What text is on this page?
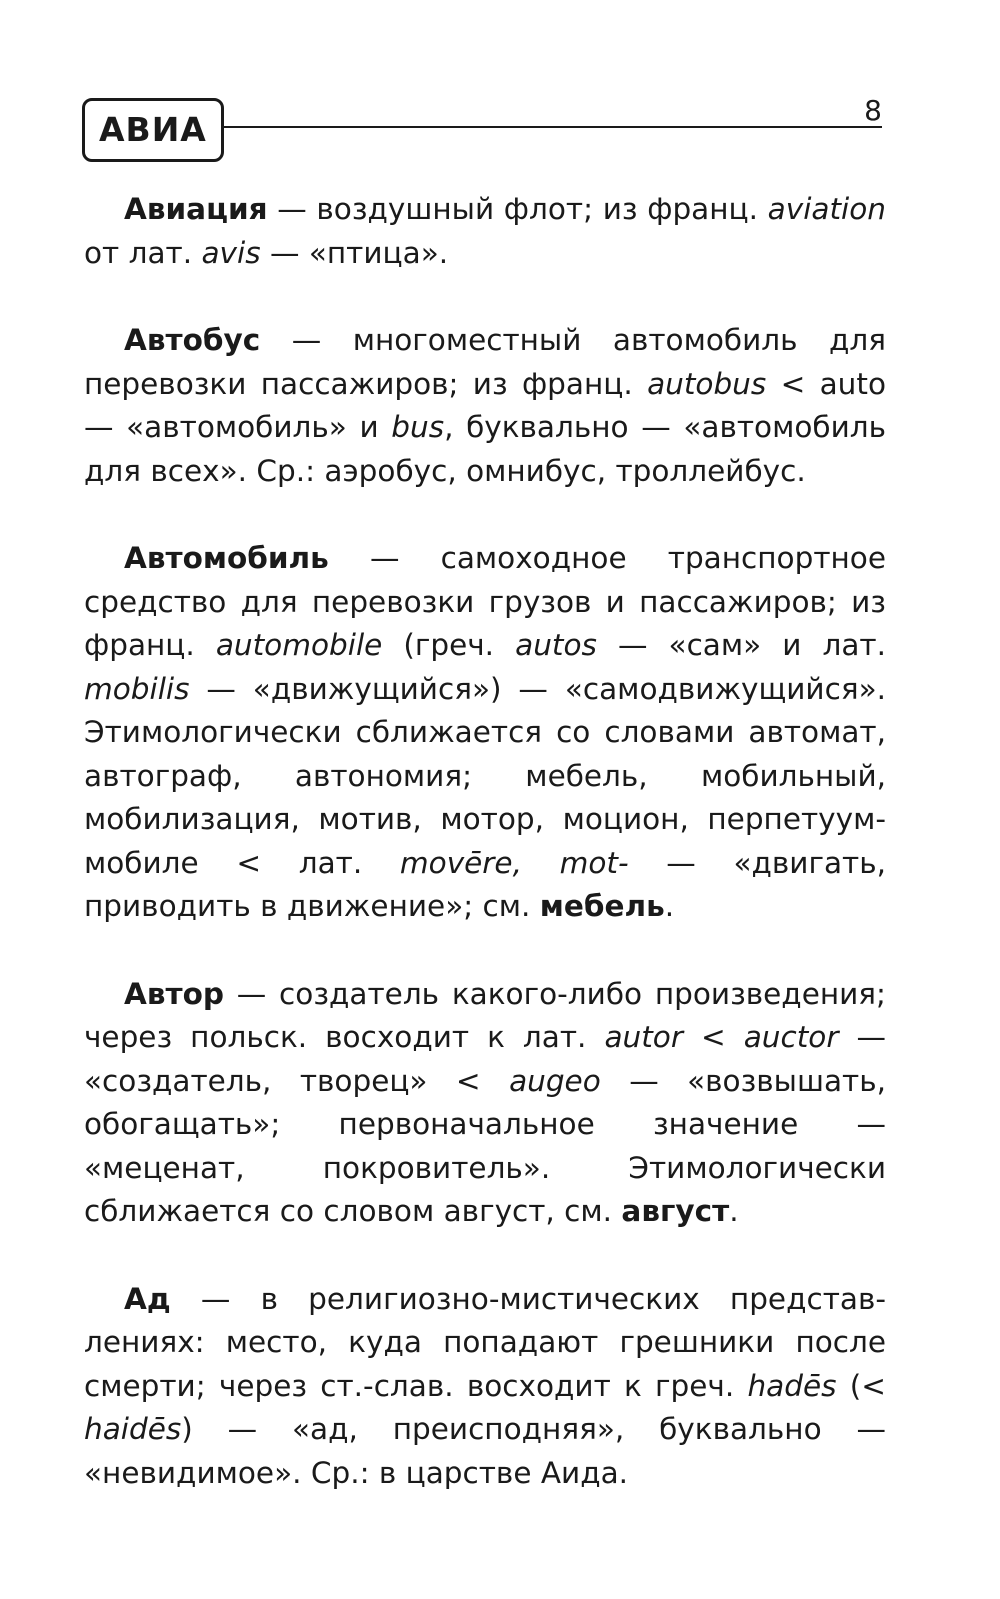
АВИА	8

Авиация — воздушный флот; из франц. aviation от лат. avis — «птица».

Автобус — многоместный автомобиль для перевозки пассажиров; из франц. autobus < auto — «автомобиль» и bus, буквально — «автомобиль для всех». Ср.: аэробус, омнибус, троллейбус.

Автомобиль — самоходное транспортное средство для перевозки грузов и пассажиров; из франц. automobile (греч. autos — «сам» и лат. mobilis — «движущийся») — «самодвижущийся». Этимологически сближается со словами автомат, автограф, автономия; мебель, мобильный, мобилизация, мотив, мотор, моцион, перпетуум-мобиле < лат. movēre, mot- — «двигать, приводить в движение»; см. мебель.

Автор — создатель какого-либо произведения; через польск. восходит к лат. autor < auctor — «создатель, творец» < augeo — «возвышать, обогащать»; первоначальное значение — «меценат, покровитель». Этимологически сближается со словом август, см. август.

Ад — в религиозно-мистических представлениях: место, куда попадают грешники после смерти; через ст.-слав. восходит к греч. hadēs (< haidēs) — «ад, преисподняя», буквально — «невидимое». Ср.: в царстве Аида.
